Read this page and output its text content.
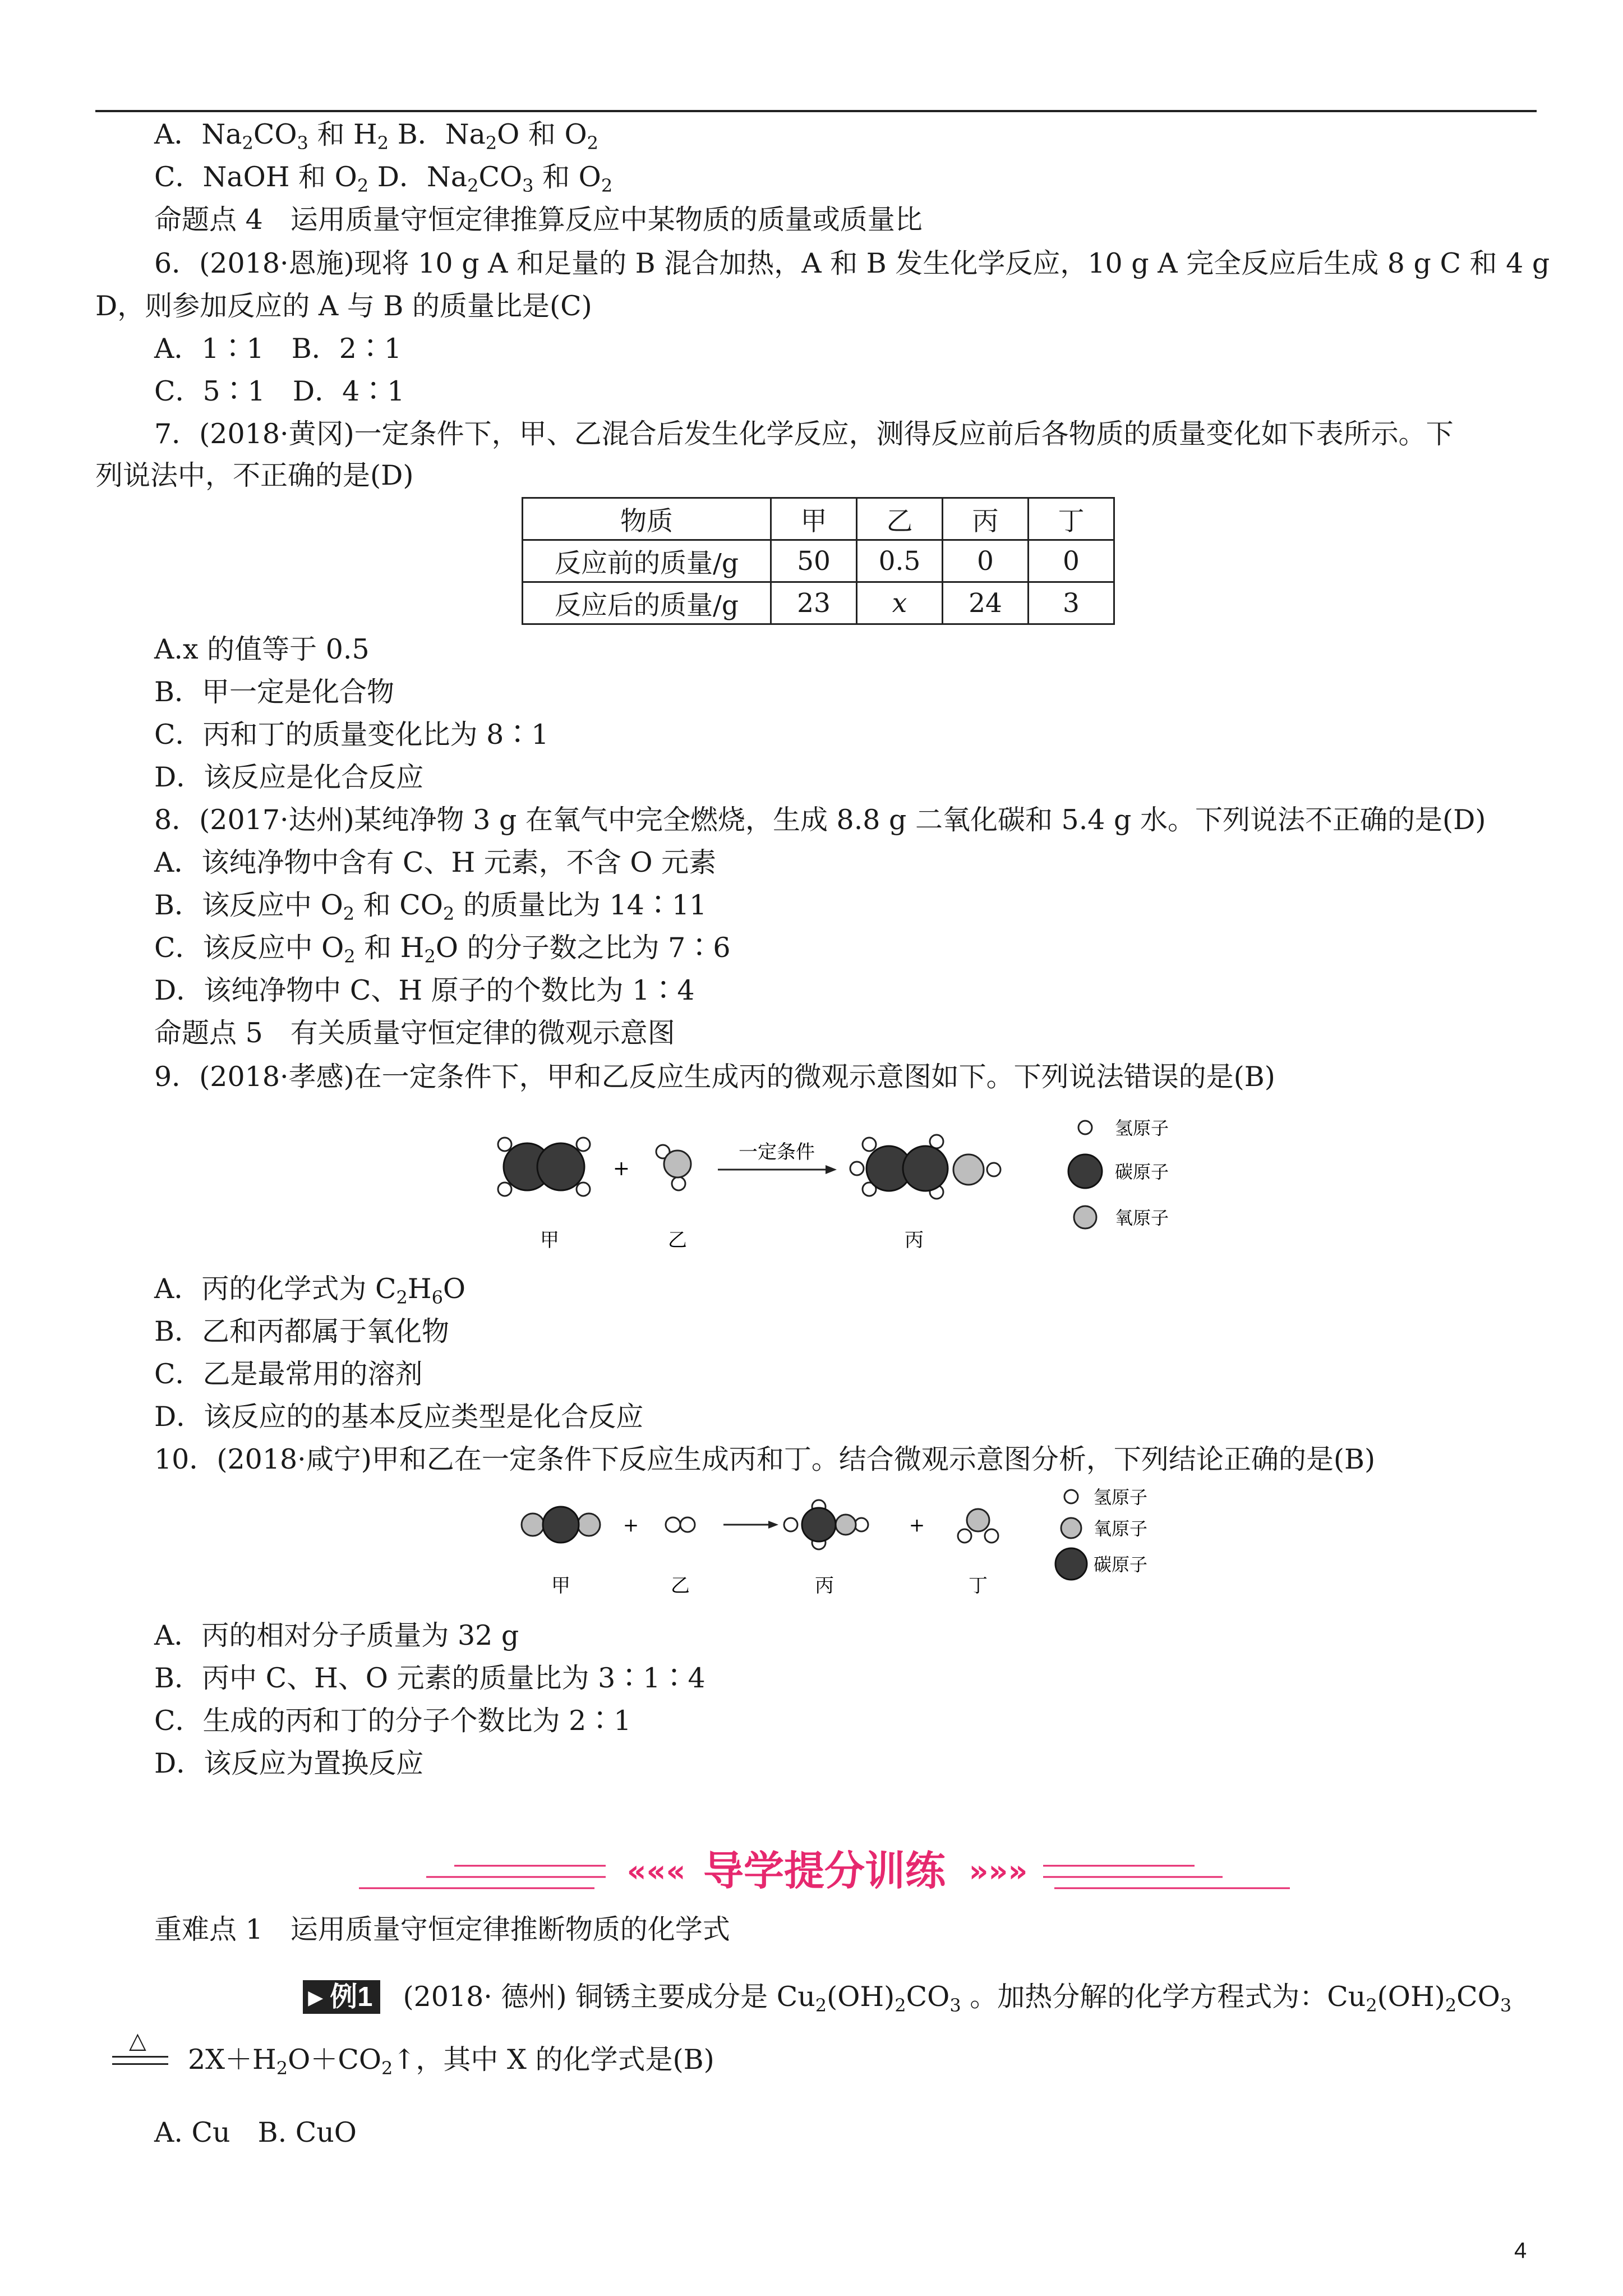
A．$Na_2CO_3$ 和 $H_2$ B．$Na_2O$ 和 $O_2$
C．NaOH 和 $O_2$ D．$Na_2CO_3$ 和 $O_2$
命题点 4　运用质量守恒定律推算反应中某物质的质量或质量比
6．(2018·恩施)现将 10 g A 和足量的 B 混合加热，A 和 B 发生化学反应，10 g A 完全反应后生成 8 g C 和 4 g
D，则参加反应的 A 与 B 的质量比是(C)
A．1∶1　B．2∶1
C．5∶1　D．4∶1
7．(2018·黄冈)一定条件下，甲、乙混合后发生化学反应，测得反应前后各物质的质量变化如下表所示。下
列说法中，不正确的是(D)
物质	甲	乙	丙	丁
反应前的质量/g	50	0.5	0	0
反应后的质量/g	23	x	24	3
A.x 的值等于 0.5
B．甲一定是化合物
C．丙和丁的质量变化比为 8∶1
D．该反应是化合反应
8．(2017·达州)某纯净物 3 g 在氧气中完全燃烧，生成 8.8 g 二氧化碳和 5.4 g 水。下列说法不正确的是(D)
A．该纯净物中含有 C、H 元素，不含 O 元素
B．该反应中 $O_2$ 和 $CO_2$ 的质量比为 14∶11
C．该反应中 $O_2$ 和 $H_2O$ 的分子数之比为 7∶6
D．该纯净物中 C、H 原子的个数比为 1∶4
命题点 5　有关质量守恒定律的微观示意图
9．(2018·孝感)在一定条件下，甲和乙反应生成丙的微观示意图如下。下列说法错误的是(B)
+
一定条件
甲	乙	丙
氢原子
碳原子
氧原子
A．丙的化学式为 $C_2H_6O$
B．乙和丙都属于氧化物
C．乙是最常用的溶剂
D．该反应的的基本反应类型是化合反应
10．(2018·咸宁)甲和乙在一定条件下反应生成丙和丁。结合微观示意图分析，下列结论正确的是(B)
+	+
甲	乙	丙	丁
氢原子
氧原子
碳原子
A．丙的相对分子质量为 32 g
B．丙中 C、H、O 元素的质量比为 3∶1∶4
C．生成的丙和丁的分子个数比为 2∶1
D．该反应为置换反应
««« 导学提分训练 »»»
重难点 1　运用质量守恒定律推断物质的化学式
▸ 例1 (2018· 德州) 铜锈主要成分是 $Cu_2(OH)_2CO_3$ 。加热分解的化学方程式为：$Cu_2(OH)_2CO_3$
△
$2X+H_2O+CO_2↑$，其中 X 的化学式是(B)
A. Cu　B. CuO
4
